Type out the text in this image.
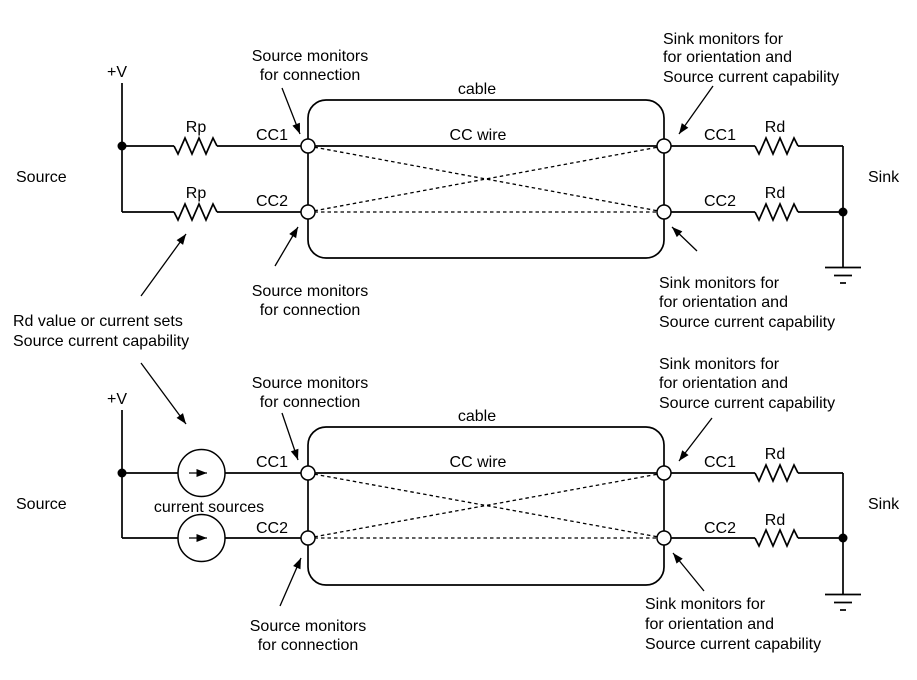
+V
Source
Rp
Rp
CC1
CC2
cable
CC wire	CC1
CC2
Rd
Rd
Sink
Source monitors
for connection
Sink monitors for
for orientation and
Source current capability
Source monitors
for connection
Sink monitors for
for orientation and
Source current capability
Rd value or current sets
Source current capability
+V
Source	current sources
CC1
CC2
cable
CC wire	CC1
CC2
Rd
Rd
Sink
Source monitors
for connection
Sink monitors for
for orientation and
Source current capability
Source monitors
for connection
Sink monitors for
for orientation and
Source current capability
